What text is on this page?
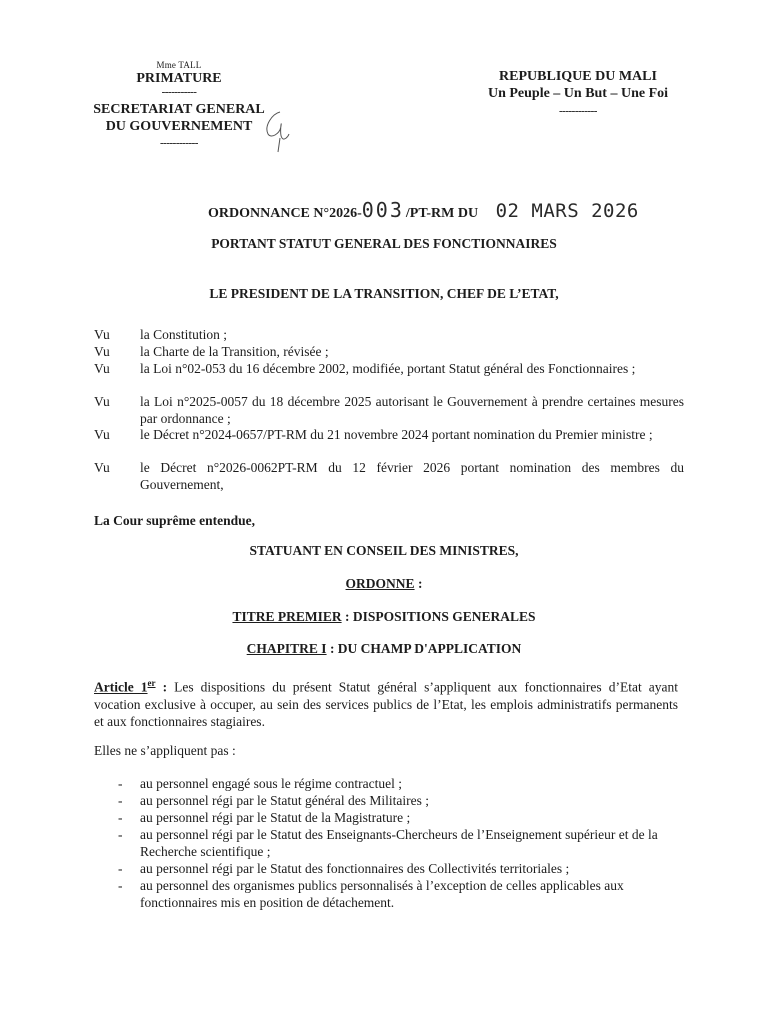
Mme TALL
PRIMATURE
-----------
SECRETARIAT GENERAL
DU GOUVERNEMENT
------------
REPUBLIQUE DU MALI
Un Peuple – Un But – Une Foi
------------
ORDONNANCE N°2026-003 /PT-RM DU 02 MARS 2026
PORTANT STATUT GENERAL DES FONCTIONNAIRES
LE PRESIDENT DE LA TRANSITION, CHEF DE L’ETAT,
Vu la Constitution ;
Vu la Charte de la Transition, révisée ;
Vu la Loi n°02-053 du 16 décembre 2002, modifiée, portant Statut général des Fonctionnaires ;
Vu la Loi n°2025-0057 du 18 décembre 2025 autorisant le Gouvernement à prendre certaines mesures par ordonnance ;
Vu le Décret n°2024-0657/PT-RM du 21 novembre 2024 portant nomination du Premier ministre ;
Vu le Décret n°2026-0062PT-RM du 12 février 2026 portant nomination des membres du Gouvernement,
La Cour suprême entendue,
STATUANT EN CONSEIL DES MINISTRES,
ORDONNE :
TITRE PREMIER : DISPOSITIONS GENERALES
CHAPITRE I : DU CHAMP D'APPLICATION
Article 1er : Les dispositions du présent Statut général s’appliquent aux fonctionnaires d’Etat ayant vocation exclusive à occuper, au sein des services publics de l’Etat, les emplois administratifs permanents et aux fonctionnaires stagiaires.
Elles ne s’appliquent pas :
- au personnel engagé sous le régime contractuel ;
- au personnel régi par le Statut général des Militaires ;
- au personnel régi par le Statut de la Magistrature ;
- au personnel régi par le Statut des Enseignants-Chercheurs de l’Enseignement supérieur et de la Recherche scientifique ;
- au personnel régi par le Statut des fonctionnaires des Collectivités territoriales ;
- au personnel des organismes publics personnalisés à l’exception de celles applicables aux fonctionnaires mis en position de détachement.
